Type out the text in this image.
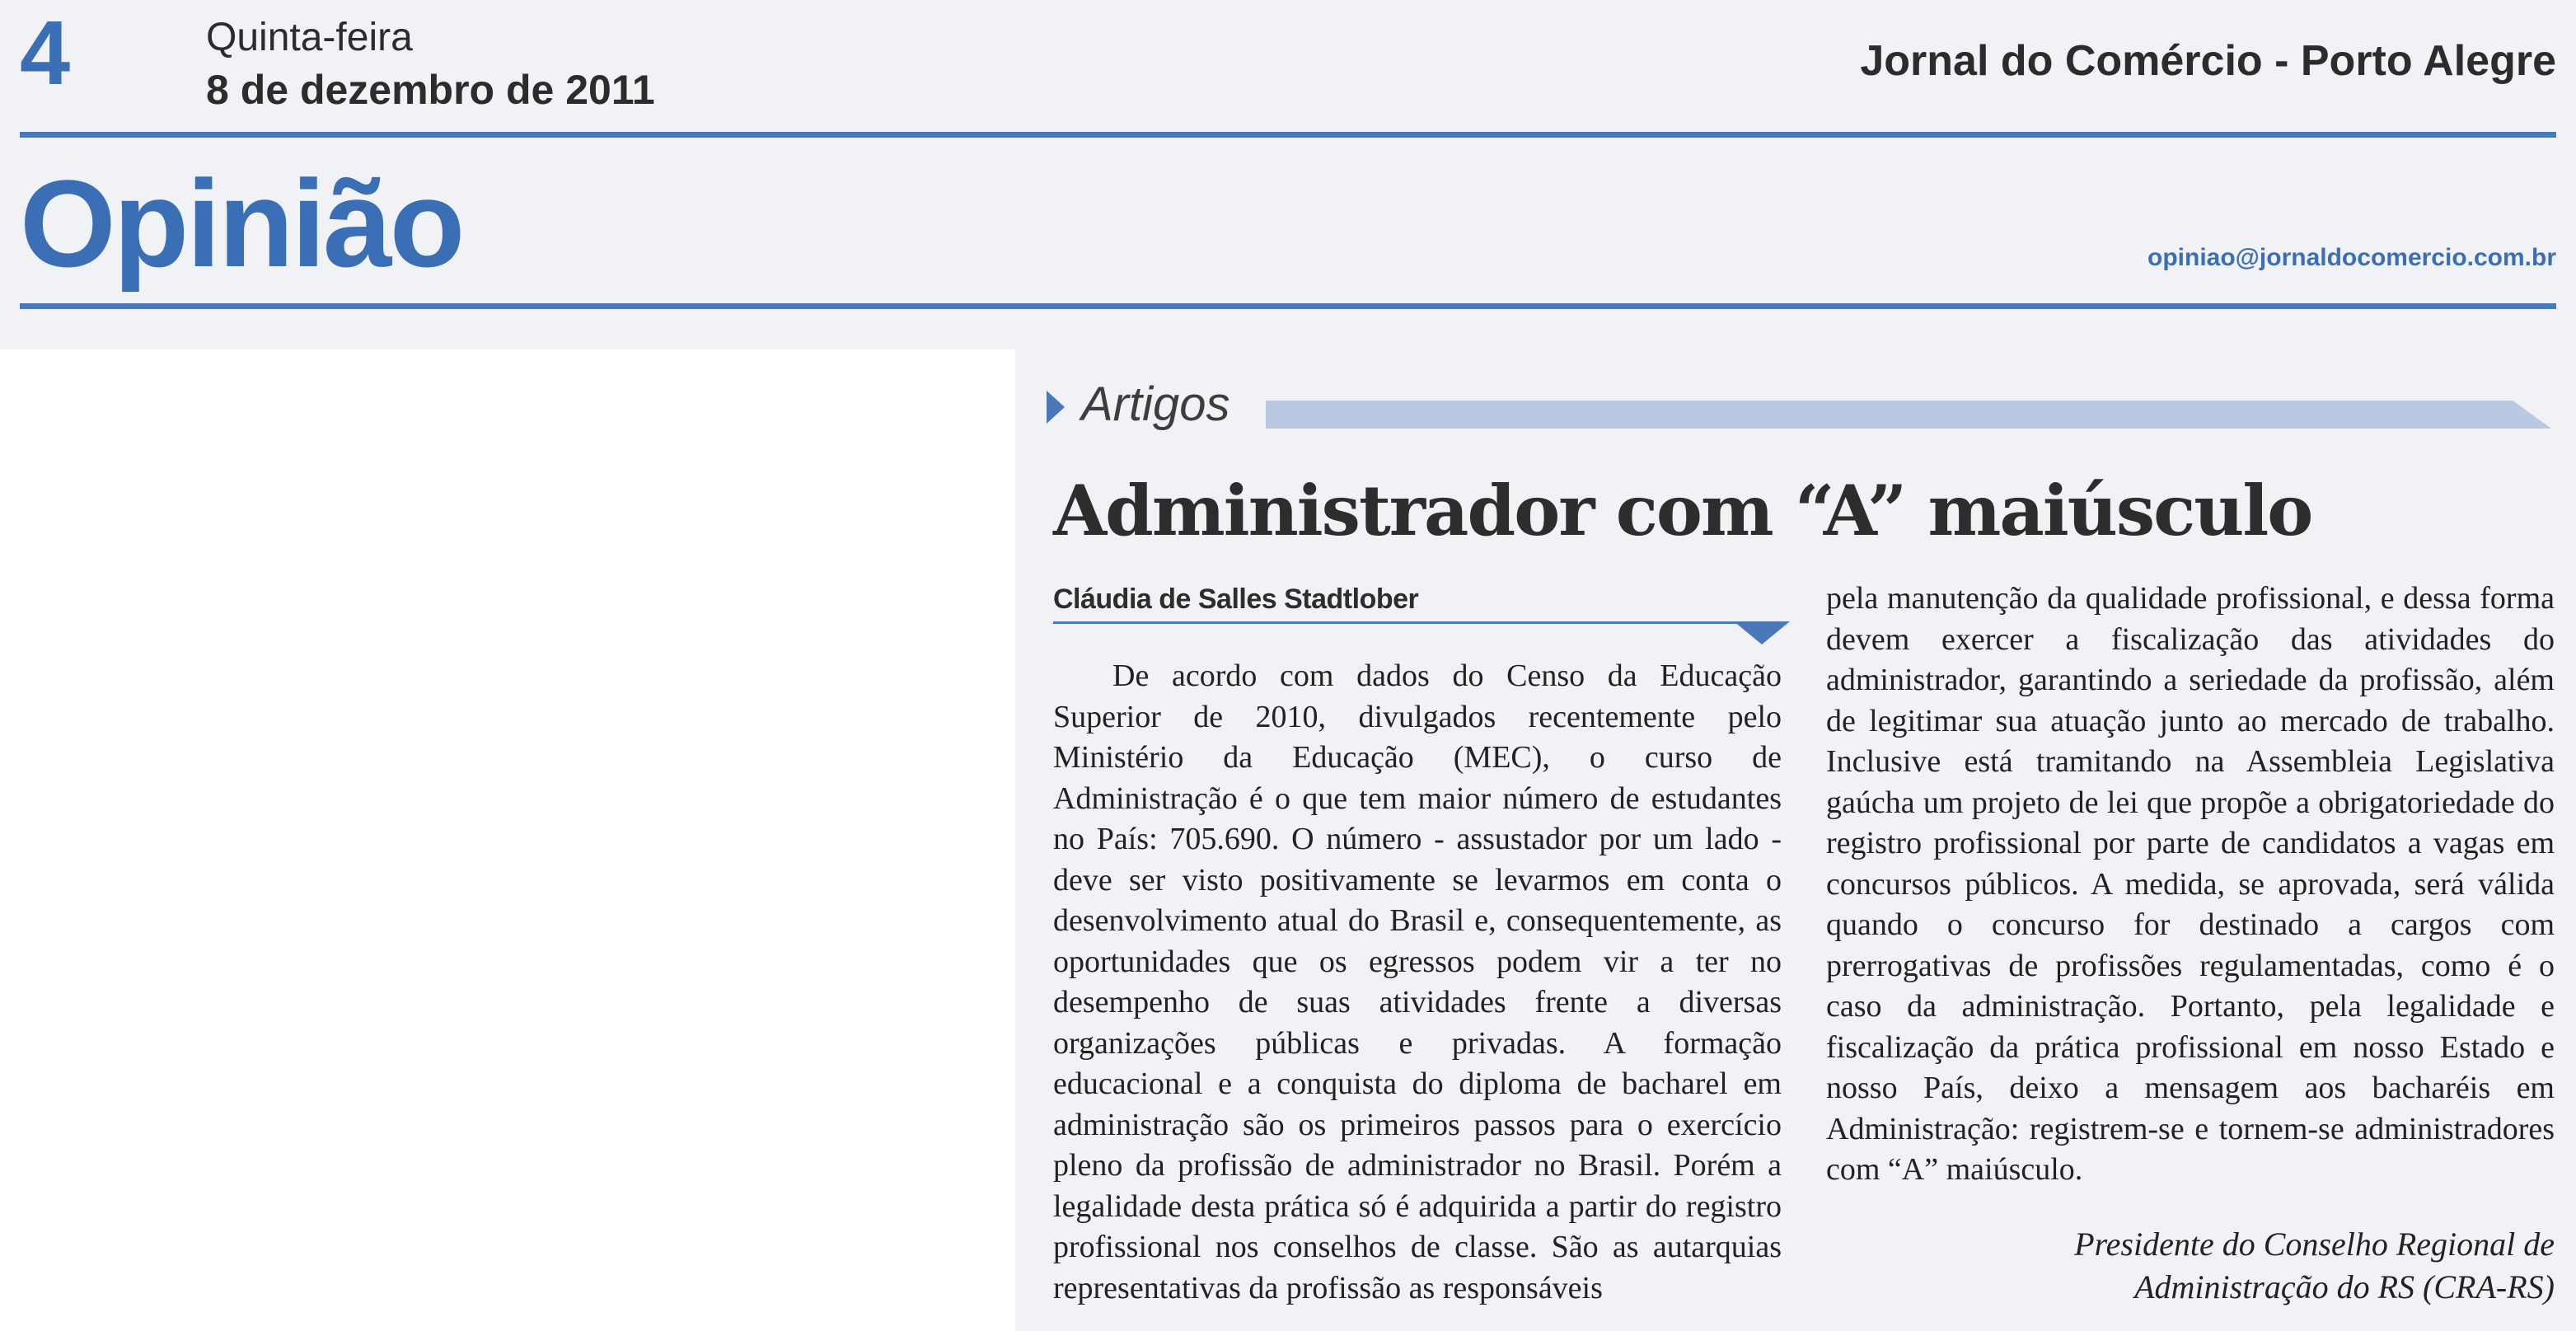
4	Quinta-feira
8 de dezembro de 2011
Jornal do Comércio - Porto Alegre
Opinião	opiniao@jornaldocomercio.com.br
Artigos
Administrador com “A” maiúsculo
Cláudia de Salles Stadtlober
De acordo com dados do Censo da Educação Superior de 2010, divulgados recentemente pelo Ministério da Educação (MEC), o curso de Administração é o que tem maior número de estudantes no País: 705.690. O número - assustador por um lado - deve ser visto positivamente se levarmos em conta o desenvolvimento atual do Brasil e, consequentemente, as oportunidades que os egressos podem vir a ter no desempenho de suas atividades frente a diversas organizações públicas e privadas. A formação educacional e a conquista do diploma de bacharel em administração são os primeiros passos para o exercício pleno da profissão de administrador no Brasil. Porém a legalidade desta prática só é adquirida a partir do registro profissional nos conselhos de classe. São as autarquias representativas da profissão as responsáveis
pela manutenção da qualidade profissional, e dessa forma devem exercer a fiscalização das atividades do administrador, garantindo a seriedade da profissão, além de legitimar sua atuação junto ao mercado de trabalho. Inclusive está tramitando na Assembleia Legislativa gaúcha um projeto de lei que propõe a obrigatoriedade do registro profissional por parte de candidatos a vagas em concursos públicos. A medida, se aprovada, será válida quando o concurso for destinado a cargos com prerrogativas de profissões regulamentadas, como é o caso da administração. Portanto, pela legalidade e fiscalização da prática profissional em nosso Estado e nosso País, deixo a mensagem aos bacharéis em Administração: registrem-se e tornem-se administradores com “A” maiúsculo.
Presidente do Conselho Regional de
Administração do RS (CRA-RS)
